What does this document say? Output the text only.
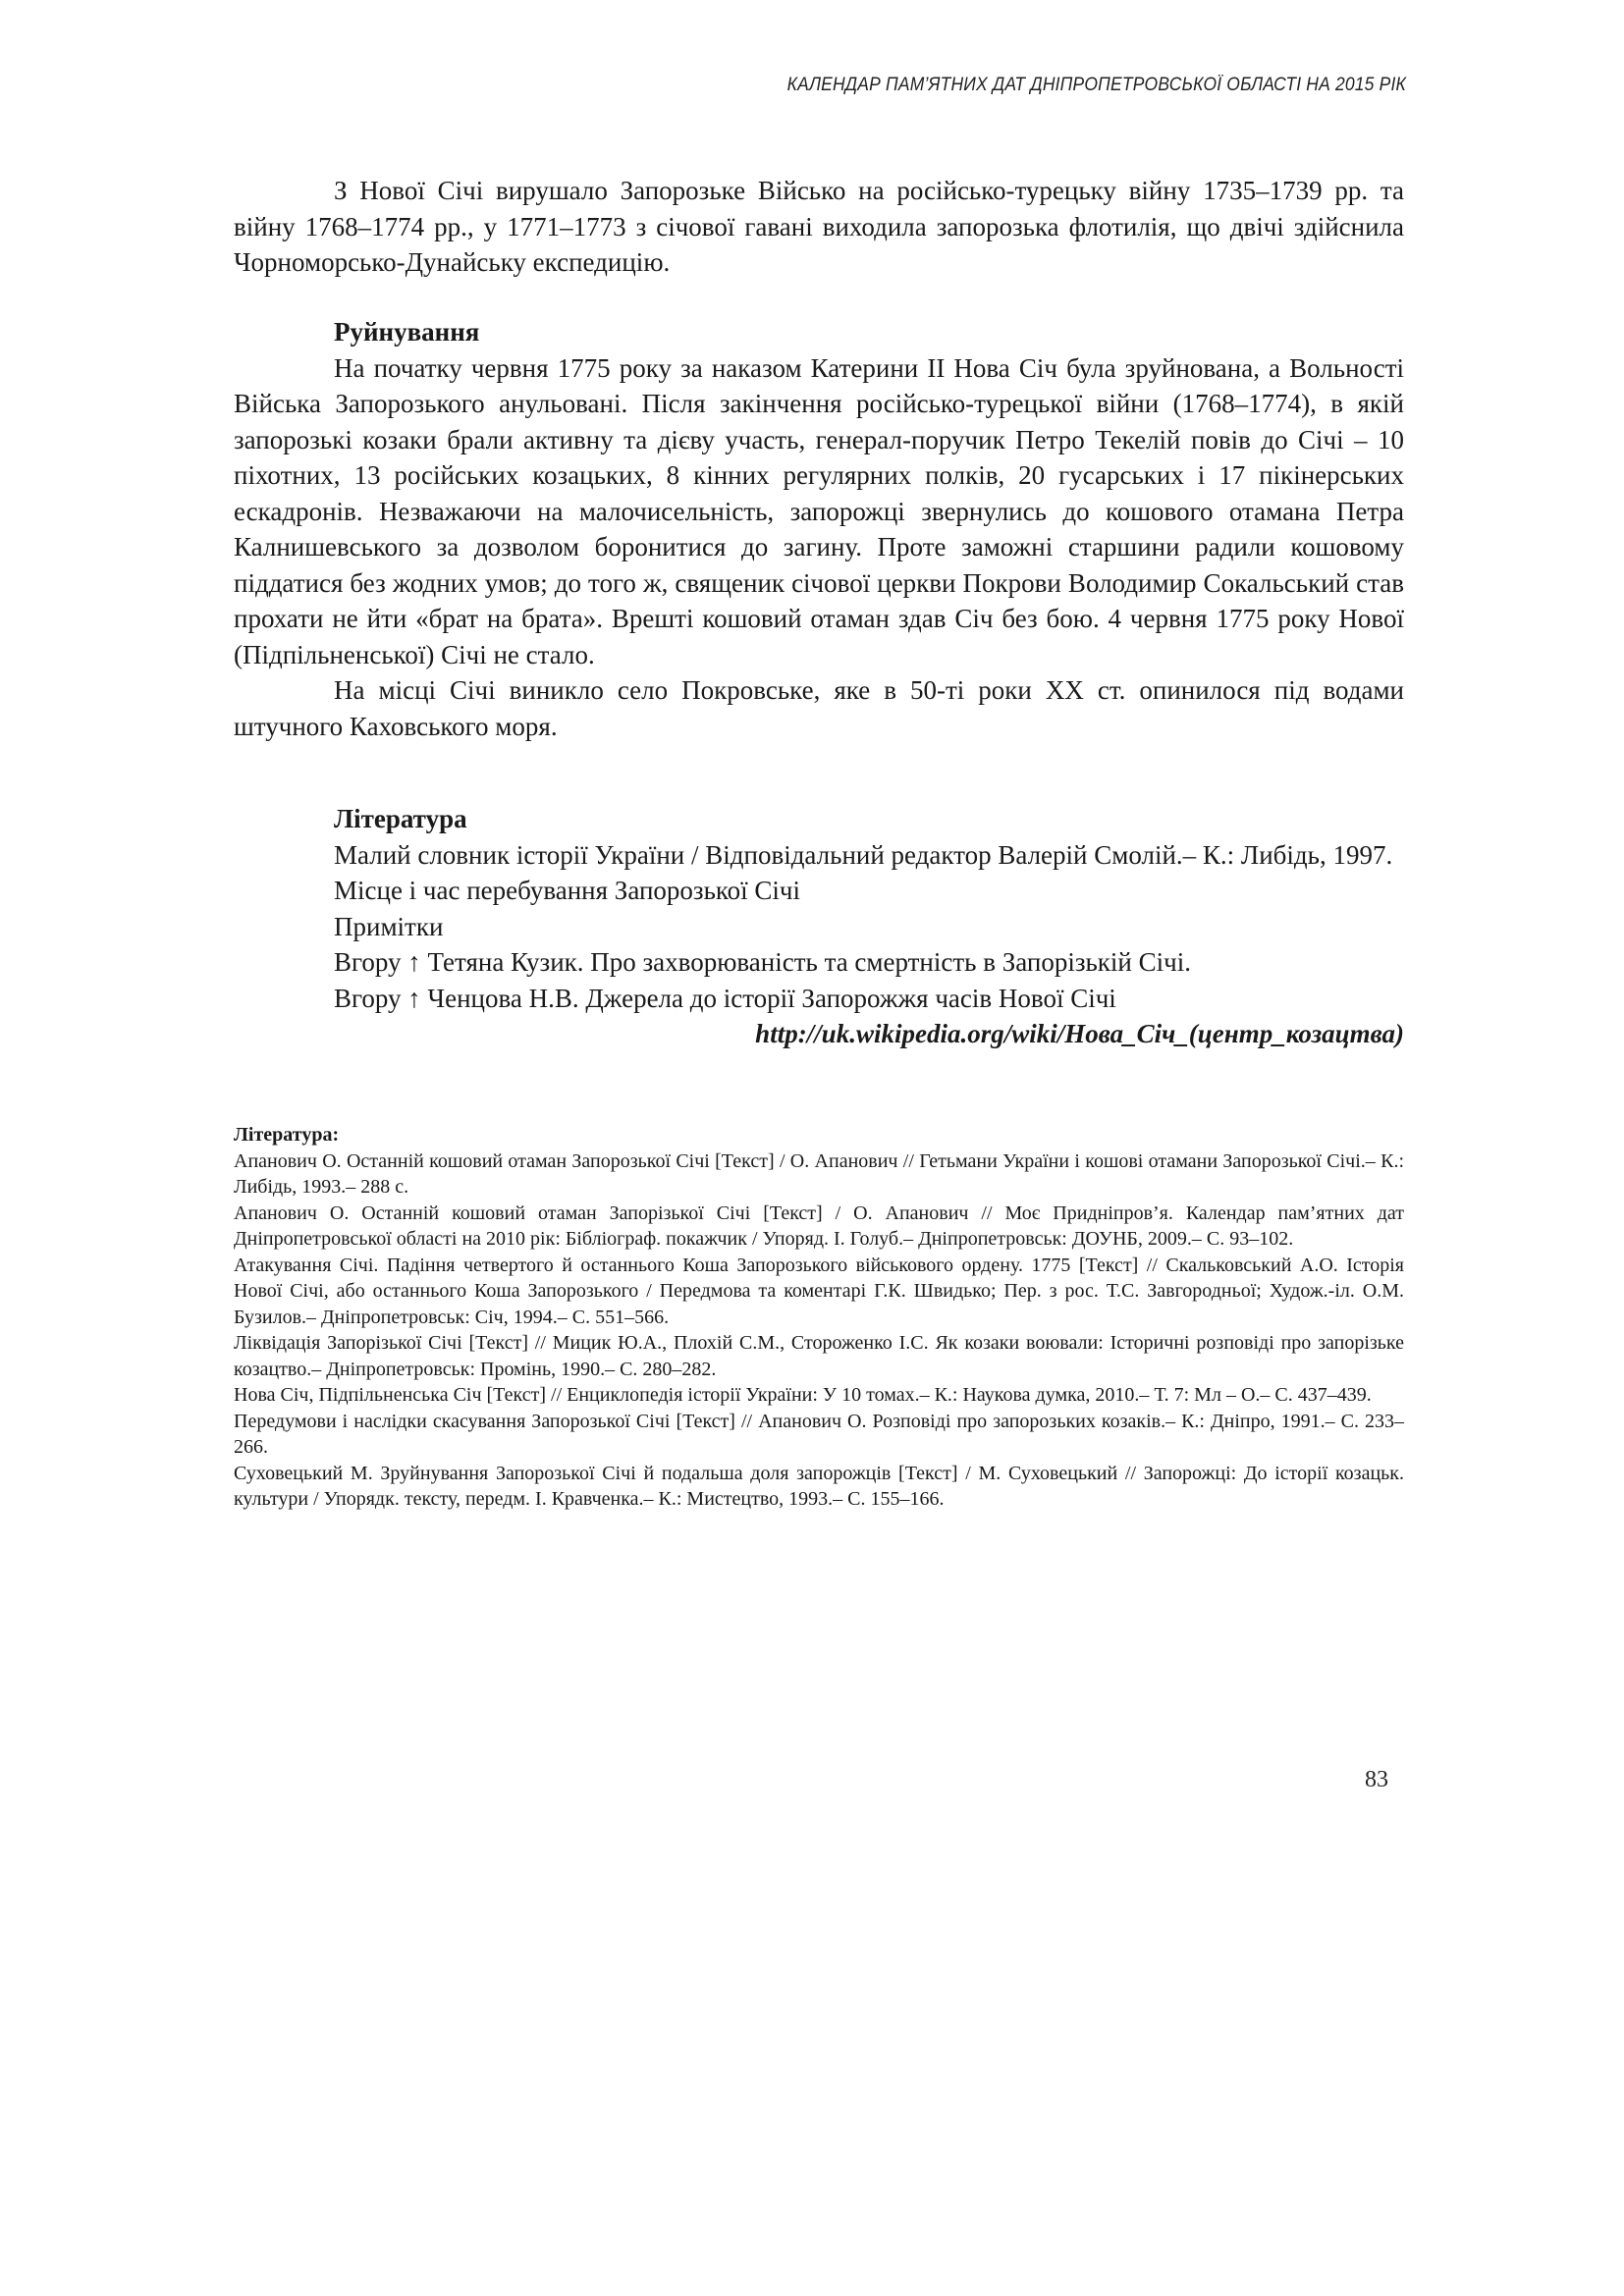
КАЛЕНДАР ПАМ’ЯТНИХ ДАТ ДНІПРОПЕТРОВСЬКОЇ ОБЛАСТІ НА 2015 РІК

З Нової Січі вирушало Запорозьке Військо на російсько-турецьку війну 1735–1739 рр. та війну 1768–1774 рр., у 1771–1773 з січової гавані виходила запорозька флотилія, що двічі здійснила Чорноморсько-Дунайську експедицію.

Руйнування

На початку червня 1775 року за наказом Катерини II Нова Січ була зруйнована, а Вольності Війська Запорозького анульовані. Після закінчення російсько-турецької війни (1768–1774), в якій запорозькі козаки брали активну та дієву участь, генерал-поручик Петро Текелій повів до Січі – 10 піхотних, 13 російських козацьких, 8 кінних регулярних полків, 20 гусарських і 17 пікінерських ескадронів. Незважаючи на малочисельність, запорожці звернулись до кошового отамана Петра Калнишевського за дозволом боронитися до загину. Проте заможні старшини радили кошовому піддатися без жодних умов; до того ж, священик січової церкви Покрови Володимир Сокальський став прохати не йти «брат на брата». Врешті кошовий отаман здав Січ без бою. 4 червня 1775 року Нової (Підпільненської) Січі не стало.

На місці Січі виникло село Покровське, яке в 50-ті роки XX ст. опинилося під водами штучного Каховського моря.

Література

Малий словник історії України / Відповідальний редактор Валерій Смолій.– К.: Либідь, 1997.

Місце і час перебування Запорозької Січі

Примітки

Вгору ↑ Тетяна Кузик. Про захворюваність та смертність в Запорізькій Січі.

Вгору ↑ Ченцова Н.В. Джерела до історії Запорожжя часів Нової Січі

http://uk.wikipedia.org/wiki/Нова_Січ_(центр_козацтва)

Література:

Апанович О. Останній кошовий отаман Запорозької Січі [Текст] / О. Апанович // Гетьмани України і кошові отамани Запорозької Січі.– К.: Либідь, 1993.– 288 с.

Апанович О. Останній кошовий отаман Запорізької Січі [Текст] / О. Апанович // Моє Придніпров’я. Календар пам’ятних дат Дніпропетровської області на 2010 рік: Бібліограф. покажчик / Упоряд. І. Голуб.– Дніпропетровськ: ДОУНБ, 2009.– С. 93–102.

Атакування Січі. Падіння четвертого й останнього Коша Запорозького військового ордену. 1775 [Текст] // Скальковський А.О. Історія Нової Січі, або останнього Коша Запорозького / Передмова та коментарі Г.К. Швидько; Пер. з рос. Т.С. Завгородньої; Худож.-іл. О.М. Бузилов.– Дніпропетровськ: Січ, 1994.– С. 551–566.

Ліквідація Запорізької Січі [Текст] // Мицик Ю.А., Плохій С.М., Стороженко І.С. Як козаки воювали: Історичні розповіді про запорізьке козацтво.– Дніпропетровськ: Промінь, 1990.– С. 280–282.

Нова Січ, Підпільненська Січ [Текст] // Енциклопедія історії України: У 10 томах.– К.: Наукова думка, 2010.– Т. 7: Мл – О.– С. 437–439.

Передумови і наслідки скасування Запорозької Січі [Текст] // Апанович О. Розповіді про запорозьких козаків.– К.: Дніпро, 1991.– С. 233–266.

Суховецький М. Зруйнування Запорозької Січі й подальша доля запорожців [Текст] / М. Суховецький // Запорожці: До історії козацьк. культури / Упорядк. тексту, передм. І. Кравченка.– К.: Мистецтво, 1993.– С. 155–166.

83
